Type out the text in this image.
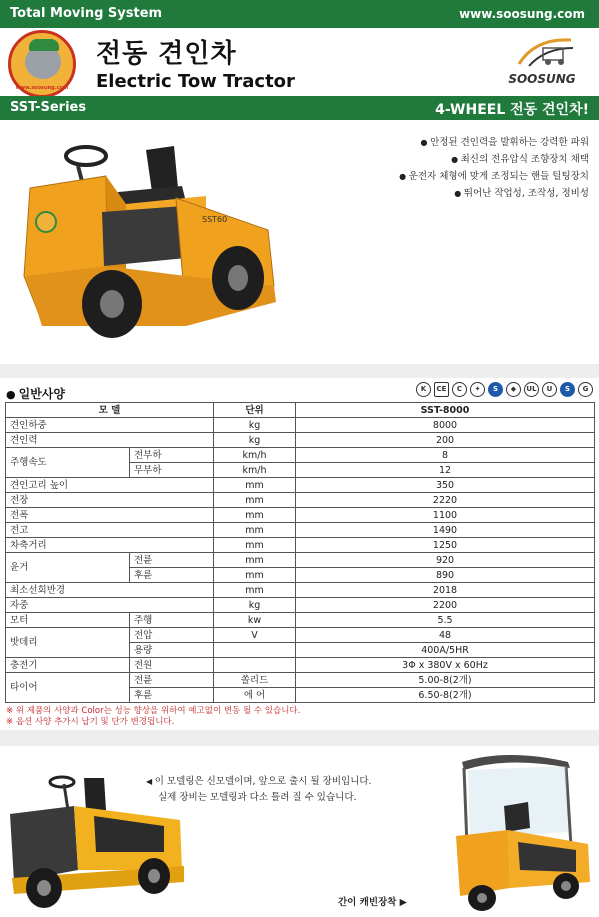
Total Moving System	www.soosung.com
www.soosung.com
전동 견인차
Electric Tow Tractor	SOOSUNG
SST-Series	4-WHEEL 전동 견인차!
SST60
● 안정된 견인력을 발휘하는 강력한 파워
● 최신의 전유압식 조향장치 채택
● 운전자 체형에 맞게 조정되는 핸들 틸팅장치
● 뛰어난 작업성, 조작성, 정비성
● 일반사양	K	CE	C	✦	S	◆	UL	U	S	G
모 델		단위	SST-8000
견인하중		kg	8000
견인력		kg	200
주행속도	전부하	km/h	8
	무부하	km/h	12
견인고리 높이		mm	350
전장		mm	2220
전폭		mm	1100
전고		mm	1490
차축거리		mm	1250
윤거	전륜	mm	920
	후륜	mm	890
최소선회반경		mm	2018
자중		kg	2200
모터	주행	kw	5.5
밧데리	전압	V	48
	용량		400A/5HR
충전기	전원		3Φ x 380V x 60Hz
타이어	전륜	쏠리드	5.00-8(2개)
	후륜	에 어	6.50-8(2개)
※ 위 제품의 사양과 Color는 성능 향상을 위하여 예고없이 변동 될 수 있습니다.
※ 옵션 사양 추가시 납기 및 단가 변경됩니다.
◀ 이 모델링은 신모델이며, 앞으로 출시 될 장비입니다.
실제 장비는 모델링과 다소 틀려 질 수 있습니다.
간이 캐빈장착 ▶
